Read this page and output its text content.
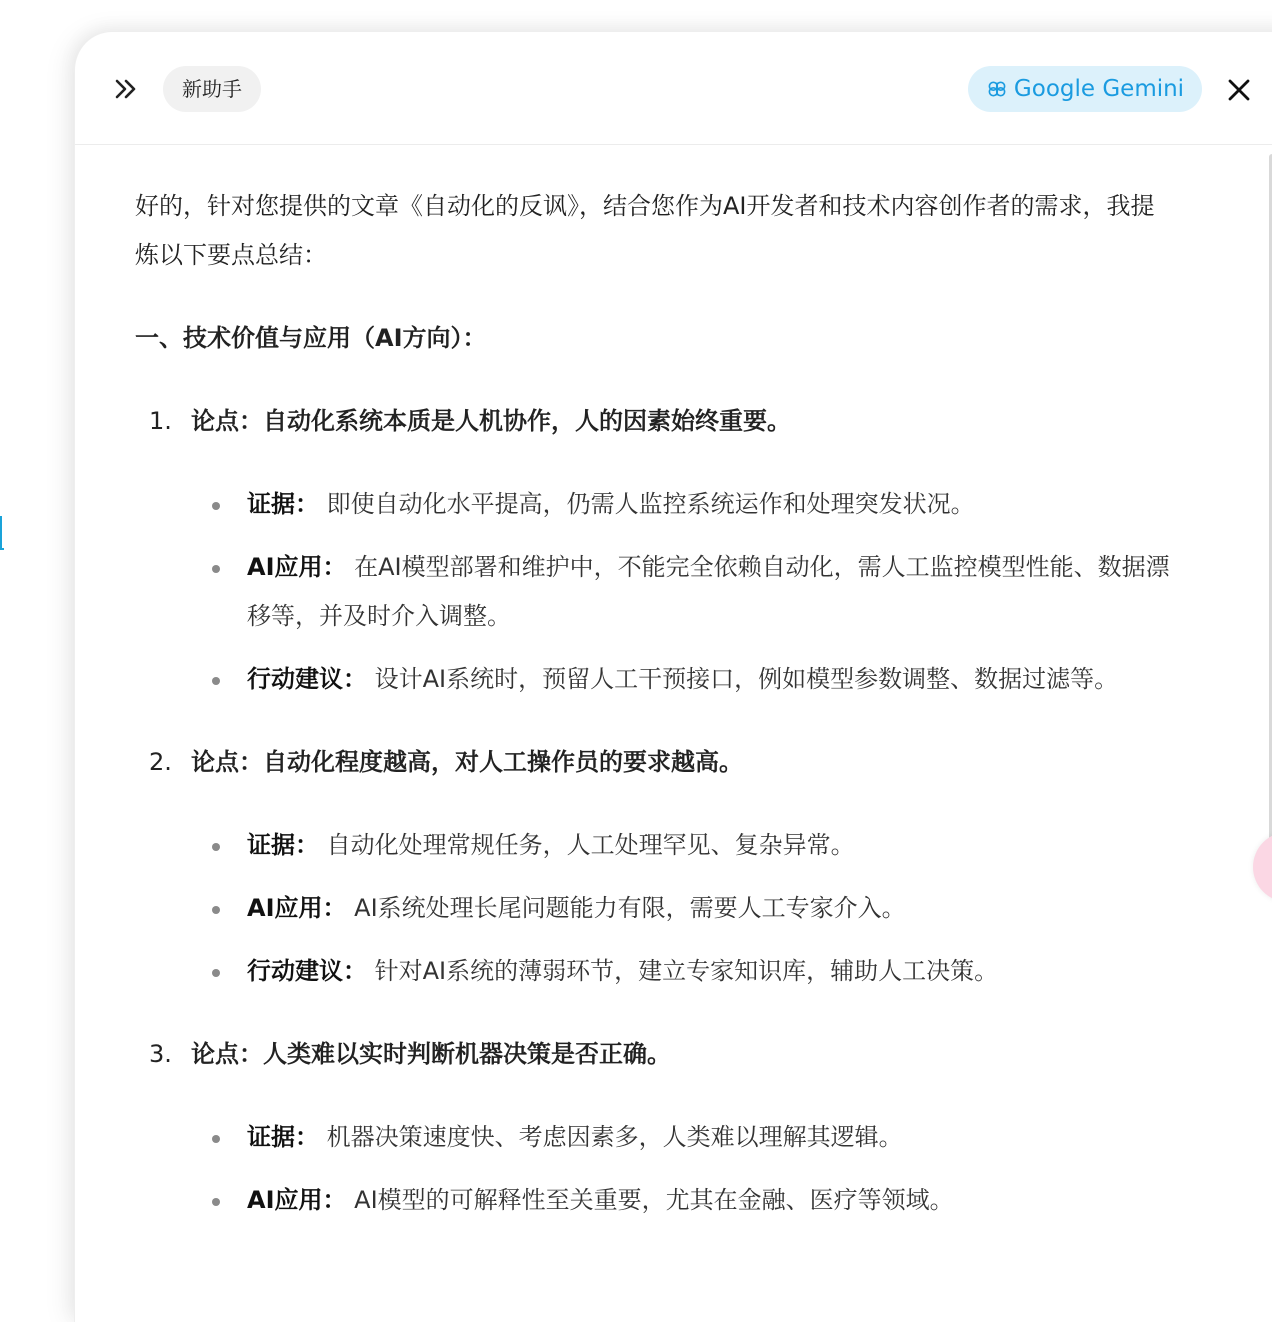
新助手	Google Gemini

好的，针对您提供的文章《自动化的反讽》，结合您作为AI开发者和技术内容创作者的需求，我提炼以下要点总结：

一、技术价值与应用（AI方向）：

1. 论点：自动化系统本质是人机协作，人的因素始终重要。
证据： 即使自动化水平提高，仍需人监控系统运作和处理突发状况。
AI应用： 在AI模型部署和维护中，不能完全依赖自动化，需人工监控模型性能、数据漂移等，并及时介入调整。
行动建议： 设计AI系统时，预留人工干预接口，例如模型参数调整、数据过滤等。
2. 论点：自动化程度越高，对人工操作员的要求越高。
证据： 自动化处理常规任务，人工处理罕见、复杂异常。
AI应用： AI系统处理长尾问题能力有限，需要人工专家介入。
行动建议： 针对AI系统的薄弱环节，建立专家知识库，辅助人工决策。
3. 论点：人类难以实时判断机器决策是否正确。
证据： 机器决策速度快、考虑因素多，人类难以理解其逻辑。
AI应用： AI模型的可解释性至关重要，尤其在金融、医疗等领域。
